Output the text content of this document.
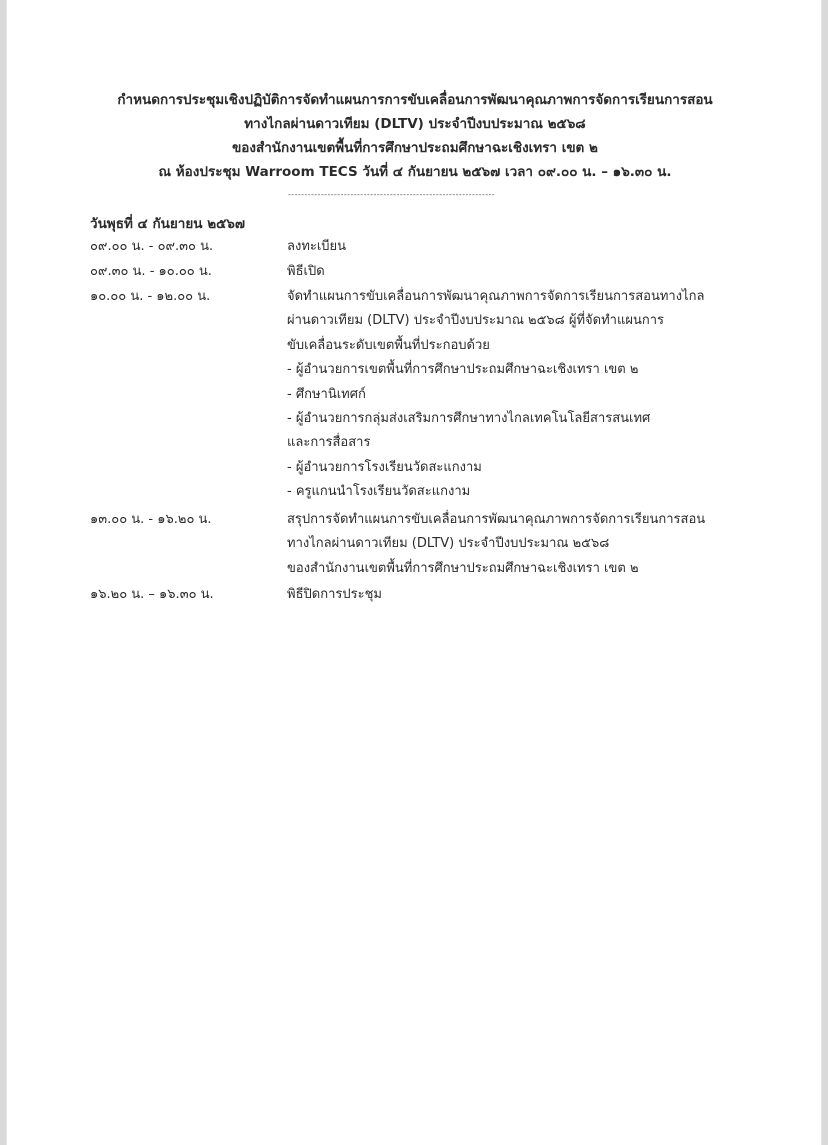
กำหนดการประชุมเชิงปฏิบัติการจัดทำแผนการการขับเคลื่อนการพัฒนาคุณภาพการจัดการเรียนการสอน
ทางไกลผ่านดาวเทียม (DLTV) ประจำปีงบประมาณ ๒๕๖๘
ของสำนักงานเขตพื้นที่การศึกษาประถมศึกษาฉะเชิงเทรา เขต ๒
ณ ห้องประชุม Warroom TECS วันที่ ๔ กันยายน ๒๕๖๗ เวลา ๐๙.๐๐ น. – ๑๖.๓๐ น.
---------------------------------------------------------------
วันพุธที่ ๔ กันยายน ๒๕๖๗
๐๙.๐๐ น. - ๐๙.๓๐ น.	ลงทะเบียน
๐๙.๓๐ น. - ๑๐.๐๐ น.	พิธีเปิด
๑๐.๐๐ น. - ๑๒.๐๐ น.	จัดทำแผนการขับเคลื่อนการพัฒนาคุณภาพการจัดการเรียนการสอนทางไกล
ผ่านดาวเทียม (DLTV) ประจำปีงบประมาณ ๒๕๖๘ ผู้ที่จัดทำแผนการ
ขับเคลื่อนระดับเขตพื้นที่ประกอบด้วย
- ผู้อำนวยการเขตพื้นที่การศึกษาประถมศึกษาฉะเชิงเทรา เขต ๒
- ศึกษานิเทศก์
- ผู้อำนวยการกลุ่มส่งเสริมการศึกษาทางไกลเทคโนโลยีสารสนเทศ
และการสื่อสาร
- ผู้อำนวยการโรงเรียนวัดสะแกงาม
- ครูแกนนำโรงเรียนวัดสะแกงาม
๑๓.๐๐ น. - ๑๖.๒๐ น.	สรุปการจัดทำแผนการขับเคลื่อนการพัฒนาคุณภาพการจัดการเรียนการสอน
ทางไกลผ่านดาวเทียม (DLTV) ประจำปีงบประมาณ ๒๕๖๘
ของสำนักงานเขตพื้นที่การศึกษาประถมศึกษาฉะเชิงเทรา เขต ๒
๑๖.๒๐ น. – ๑๖.๓๐ น.	พิธีปิดการประชุม
